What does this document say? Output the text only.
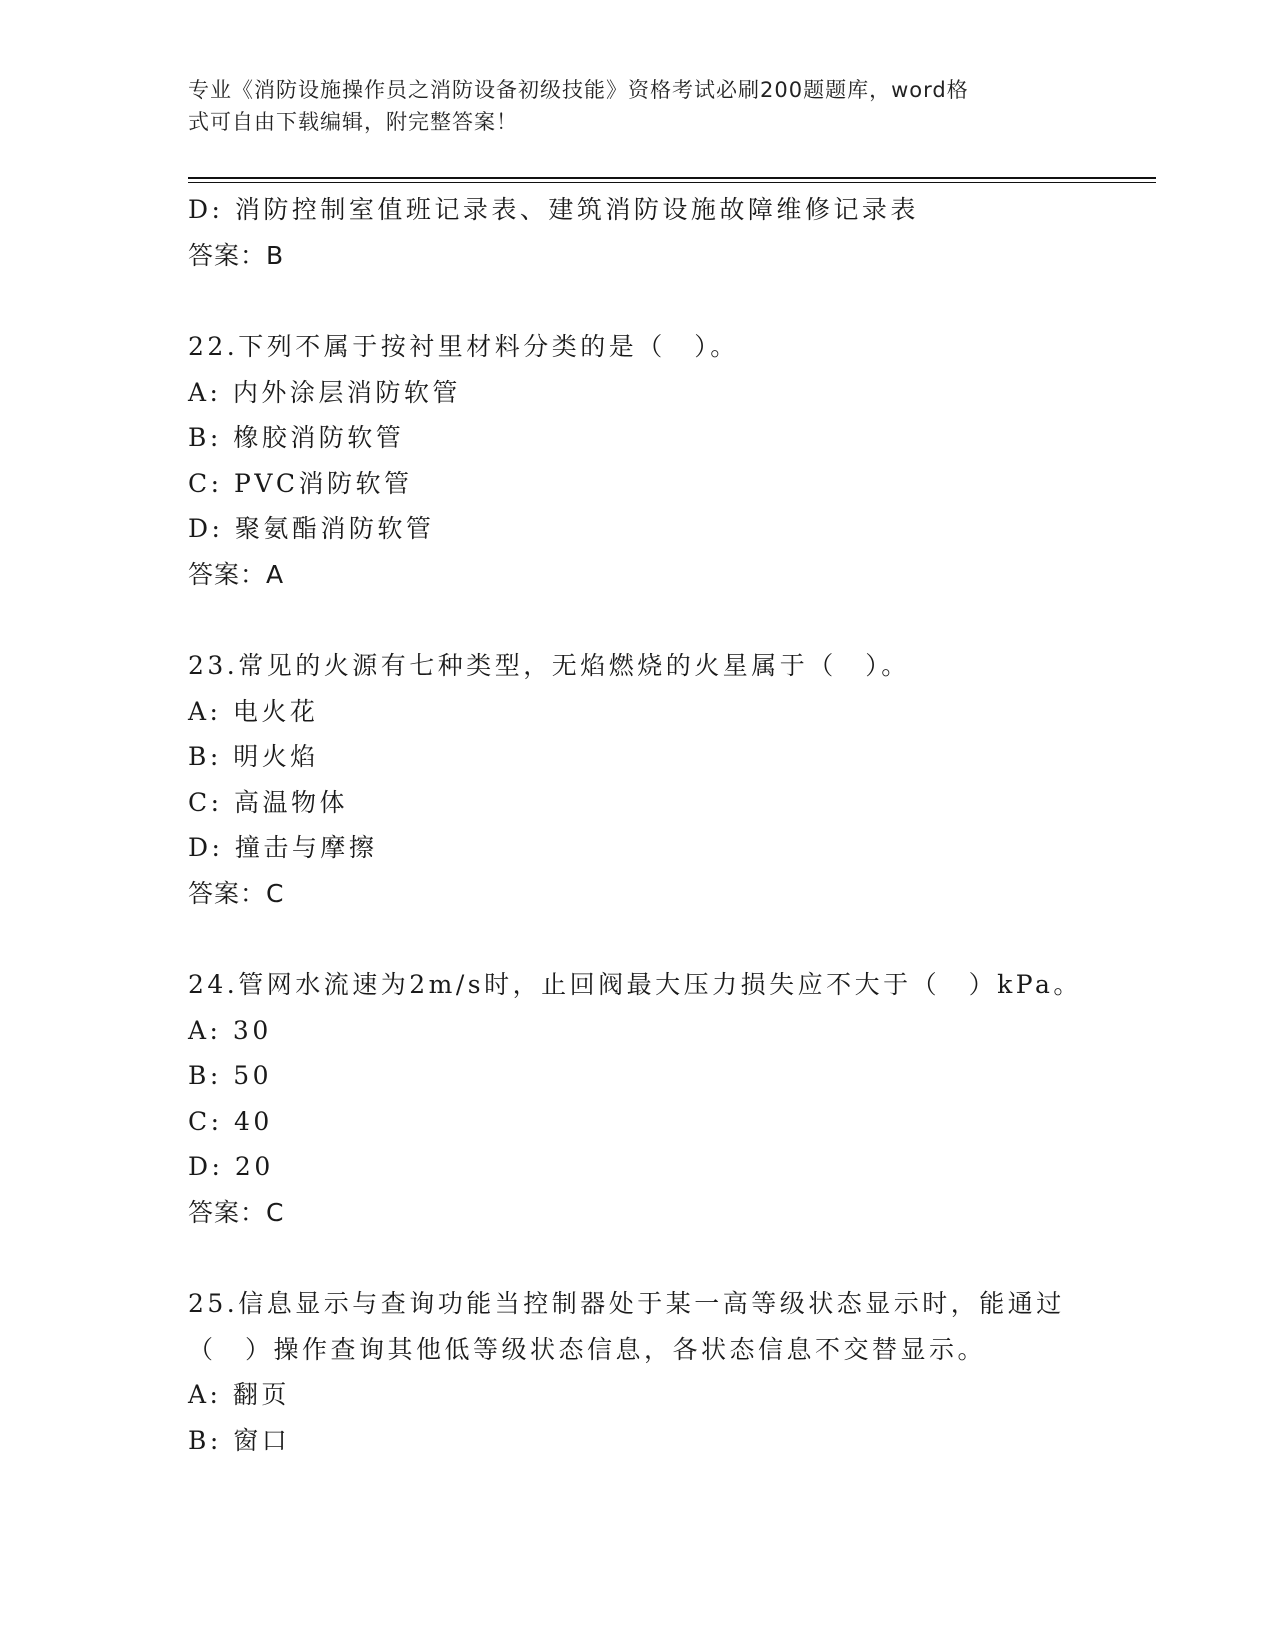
专业《消防设施操作员之消防设备初级技能》资格考试必刷200题题库，word格
式可自由下载编辑，附完整答案！
D: 消防控制室值班记录表、建筑消防设施故障维修记录表
答案：B
22.下列不属于按衬里材料分类的是（　）。
A: 内外涂层消防软管
B: 橡胶消防软管
C: PVC消防软管
D: 聚氨酯消防软管
答案：A
23.常见的火源有七种类型，无焰燃烧的火星属于（　）。
A: 电火花
B: 明火焰
C: 高温物体
D: 撞击与摩擦
答案：C
24.管网水流速为2m/s时，止回阀最大压力损失应不大于（　）kPa。
A: 30
B: 50
C: 40
D: 20
答案：C
25.信息显示与查询功能当控制器处于某一高等级状态显示时，能通过
（　）操作查询其他低等级状态信息，各状态信息不交替显示。
A: 翻页
B: 窗口
